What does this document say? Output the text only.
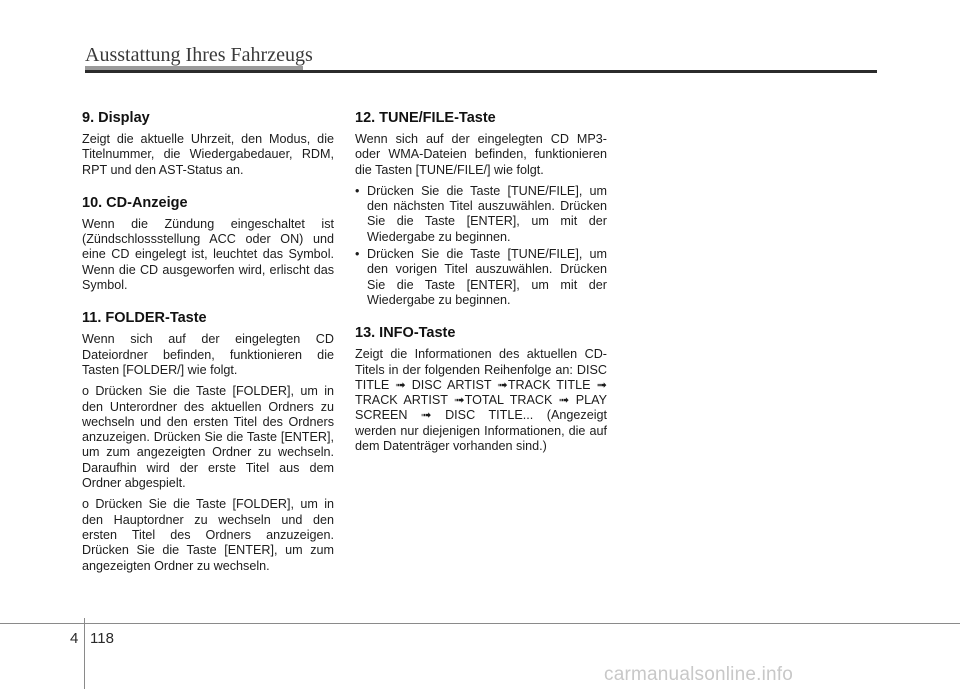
Ausstattung Ihres Fahrzeugs
9. Display

Zeigt die aktuelle Uhrzeit, den Modus, die Titelnummer, die Wiedergabedauer, RDM, RPT und den AST-Status an.

10. CD-Anzeige

Wenn die Zündung eingeschaltet ist (Zündschlossstellung ACC oder ON) und eine CD eingelegt ist, leuchtet das Symbol. Wenn die CD ausgeworfen wird, erlischt das Symbol.

11. FOLDER-Taste

Wenn sich auf der eingelegten CD Dateiordner befinden, funktionieren die Tasten [FOLDER/] wie folgt.

o Drücken Sie die Taste [FOLDER], um in den Unterordner des aktuellen Ordners zu wechseln und den ersten Titel des Ordners anzuzeigen. Drücken Sie die Taste [ENTER], um zum angezeigten Ordner zu wechseln. Daraufhin wird der erste Titel aus dem Ordner abgespielt.

o Drücken Sie die Taste [FOLDER], um in den Hauptordner zu wechseln und den ersten Titel des Ordners anzuzeigen. Drücken Sie die Taste [ENTER], um zum angezeigten Ordner zu wechseln.

12. TUNE/FILE-Taste

Wenn sich auf der eingelegten CD MP3- oder WMA-Dateien befinden, funktionieren die Tasten [TUNE/FILE/] wie folgt.

• Drücken Sie die Taste [TUNE/FILE], um den nächsten Titel auszuwählen. Drücken Sie die Taste [ENTER], um mit der Wiedergabe zu beginnen.
• Drücken Sie die Taste [TUNE/FILE], um den vorigen Titel auszuwählen. Drücken Sie die Taste [ENTER], um mit der Wiedergabe zu beginnen.
13. INFO-Taste

Zeigt die Informationen des aktuellen CD-Titels in der folgenden Reihenfolge an: DISC TITLE ➟ DISC ARTIST ➟TRACK TITLE ➟ TRACK ARTIST ➟TOTAL TRACK ➟ PLAY SCREEN ➟ DISC TITLE... (Angezeigt werden nur diejenigen Informationen, die auf dem Datenträger vorhanden sind.)

4 118
carmanualsonline.info
